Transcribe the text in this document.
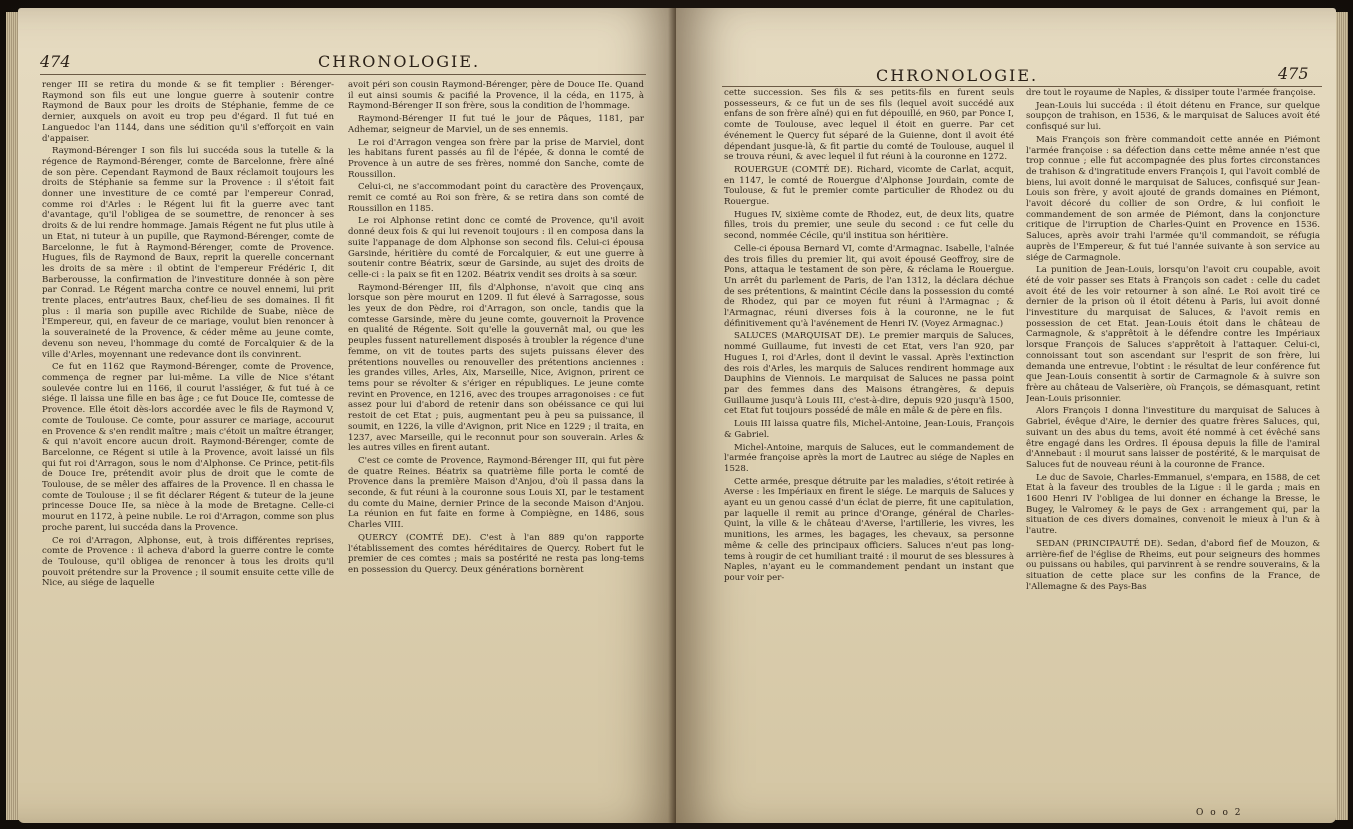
474	CHRONOLOGIE.

renger III se retira du monde & se fit templier : Bérenger-Raymond son fils eut une longue guerre à soutenir contre Raymond de Baux pour les droits de Stéphanie, femme de ce dernier, auxquels on avoit eu trop peu d'égard. Il fut tué en Languedoc l'an 1144, dans une sédition qu'il s'efforçoit en vain d'appaiser.

Raymond-Bérenger I son fils lui succéda sous la tutelle & la régence de Raymond-Bérenger, comte de Barcelonne, frère aîné de son père. Cependant Raymond de Baux réclamoit toujours les droits de Stéphanie sa femme sur la Provence : il s'étoit fait donner une investiture de ce comté par l'empereur Conrad, comme roi d'Arles : le Régent lui fit la guerre avec tant d'avantage, qu'il l'obligea de se soumettre, de renoncer à ses droits & de lui rendre hommage. Jamais Régent ne fut plus utile à un Etat, ni tuteur à un pupille, que Raymond-Bérenger, comte de Barcelonne, le fut à Raymond-Bérenger, comte de Provence. Hugues, fils de Raymond de Baux, reprit la querelle concernant les droits de sa mère : il obtint de l'empereur Frédéric I, dit Barberousse, la confirmation de l'investiture donnée à son père par Conrad. Le Régent marcha contre ce nouvel ennemi, lui prit trente places, entr'autres Baux, chef-lieu de ses domaines. Il fit plus : il maria son pupille avec Richilde de Suabe, nièce de l'Empereur, qui, en faveur de ce mariage, voulut bien renoncer à la souveraineté de la Provence, & céder même au jeune comte, devenu son neveu, l'hommage du comté de Forcalquier & de la ville d'Arles, moyennant une redevance dont ils convinrent.

Ce fut en 1162 que Raymond-Bérenger, comte de Provence, commença de regner par lui-même. La ville de Nice s'étant soulevée contre lui en 1166, il courut l'assiéger, & fut tué à ce siége. Il laissa une fille en bas âge ; ce fut Douce IIe, comtesse de Provence. Elle étoit dès-lors accordée avec le fils de Raymond V, comte de Toulouse. Ce comte, pour assurer ce mariage, accourut en Provence & s'en rendit maître ; mais c'étoit un maître étranger, & qui n'avoit encore aucun droit. Raymond-Bérenger, comte de Barcelonne, ce Régent si utile à la Provence, avoit laissé un fils qui fut roi d'Arragon, sous le nom d'Alphonse. Ce Prince, petit-fils de Douce Ire, prétendit avoir plus de droit que le comte de Toulouse, de se mêler des affaires de la Provence. Il en chassa le comte de Toulouse ; il se fit déclarer Régent & tuteur de la jeune princesse Douce IIe, sa nièce à la mode de Bretagne. Celle-ci mourut en 1172, à peine nubile. Le roi d'Arragon, comme son plus proche parent, lui succéda dans la Provence.

Ce roi d'Arragon, Alphonse, eut, à trois différentes reprises, comte de Provence : il acheva d'abord la guerre contre le comte de Toulouse, qu'il obligea de renoncer à tous les droits qu'il pouvoit prétendre sur la Provence ; il soumit ensuite cette ville de Nice, au siége de laquelle

avoit péri son cousin Raymond-Bérenger, père de Douce IIe. Quand il eut ainsi soumis & pacifié la Provence, il la céda, en 1175, à Raymond-Bérenger II son frère, sous la condition de l'hommage.

Raymond-Bérenger II fut tué le jour de Pâques, 1181, par Adhemar, seigneur de Marviel, un de ses ennemis.

Le roi d'Arragon vengea son frère par la prise de Marviel, dont les habitans furent passés au fil de l'épée, & donna le comté de Provence à un autre de ses frères, nommé don Sanche, comte de Roussillon.

Celui-ci, ne s'accommodant point du caractère des Provençaux, remit ce comté au Roi son frère, & se retira dans son comté de Roussillon en 1185.

Le roi Alphonse retint donc ce comté de Provence, qu'il avoit donné deux fois & qui lui revenoit toujours : il en composa dans la suite l'appanage de dom Alphonse son second fils. Celui-ci épousa Garsinde, héritière du comté de Forcalquier, & eut une guerre à soutenir contre Béatrix, sœur de Garsinde, au sujet des droits de celle-ci : la paix se fit en 1202. Béatrix vendit ses droits à sa sœur.

Raymond-Bérenger III, fils d'Alphonse, n'avoit que cinq ans lorsque son père mourut en 1209. Il fut élevé à Sarragosse, sous les yeux de don Pèdre, roi d'Arragon, son oncle, tandis que la comtesse Garsinde, mère du jeune comte, gouvernoit la Provence en qualité de Régente. Soit qu'elle la gouvernât mal, ou que les peuples fussent naturellement disposés à troubler la régence d'une femme, on vit de toutes parts des sujets puissans élever des prétentions nouvelles ou renouveller des prétentions anciennes : les grandes villes, Arles, Aix, Marseille, Nice, Avignon, prirent ce tems pour se révolter & s'ériger en républiques. Le jeune comte revint en Provence, en 1216, avec des troupes arragonoises : ce fut assez pour lui d'abord de retenir dans son obéissance ce qui lui restoit de cet Etat ; puis, augmentant peu à peu sa puissance, il soumit, en 1226, la ville d'Avignon, prit Nice en 1229 ; il traita, en 1237, avec Marseille, qui le reconnut pour son souverain. Arles & les autres villes en firent autant.

C'est ce comte de Provence, Raymond-Bérenger III, qui fut père de quatre Reines. Béatrix sa quatrième fille porta le comté de Provence dans la première Maison d'Anjou, d'où il passa dans la seconde, & fut réuni à la couronne sous Louis XI, par le testament du comte du Maine, dernier Prince de la seconde Maison d'Anjou. La réunion en fut faite en forme à Compiègne, en 1486, sous Charles VIII.

QUERCY (COMTÉ DE). C'est à l'an 889 qu'on rapporte l'établissement des comtes héréditaires de Quercy. Robert fut le premier de ces comtes ; mais sa postérité ne resta pas long-tems en possession du Quercy. Deux générations bornèrent

CHRONOLOGIE.	475

cette succession. Ses fils & ses petits-fils en furent seuls possesseurs, & ce fut un de ses fils (lequel avoit succédé aux enfans de son frère aîné) qui en fut dépouillé, en 960, par Ponce I, comte de Toulouse, avec lequel il étoit en guerre. Par cet événement le Quercy fut séparé de la Guienne, dont il avoit été dépendant jusque-là, & fit partie du comté de Toulouse, auquel il se trouva réuni, & avec lequel il fut réuni à la couronne en 1272.

ROUERGUE (COMTÉ DE). Richard, vicomte de Carlat, acquit, en 1147, le comté de Rouergue d'Alphonse Jourdain, comte de Toulouse, & fut le premier comte particulier de Rhodez ou du Rouergue.

Hugues IV, sixième comte de Rhodez, eut, de deux lits, quatre filles, trois du premier, une seule du second : ce fut celle du second, nommée Cécile, qu'il institua son héritière.

Celle-ci épousa Bernard VI, comte d'Armagnac. Isabelle, l'aînée des trois filles du premier lit, qui avoit épousé Geoffroy, sire de Pons, attaqua le testament de son père, & réclama le Rouergue. Un arrêt du parlement de Paris, de l'an 1312, la déclara déchue de ses prétentions, & maintint Cécile dans la possession du comté de Rhodez, qui par ce moyen fut réuni à l'Armagnac ; & l'Armagnac, réuni diverses fois à la couronne, ne le fut définitivement qu'à l'avénement de Henri IV. (Voyez Armagnac.)

SALUCES (MARQUISAT DE). Le premier marquis de Saluces, nommé Guillaume, fut investi de cet Etat, vers l'an 920, par Hugues I, roi d'Arles, dont il devint le vassal. Après l'extinction des rois d'Arles, les marquis de Saluces rendirent hommage aux Dauphins de Viennois. Le marquisat de Saluces ne passa point par des femmes dans des Maisons étrangères, & depuis Guillaume jusqu'à Louis III, c'est-à-dire, depuis 920 jusqu'à 1500, cet Etat fut toujours possédé de mâle en mâle & de père en fils.

Louis III laissa quatre fils, Michel-Antoine, Jean-Louis, François & Gabriel.

Michel-Antoine, marquis de Saluces, eut le commandement de l'armée françoise après la mort de Lautrec au siége de Naples en 1528.

Cette armée, presque détruite par les maladies, s'étoit retirée à Averse : les Impériaux en firent le siége. Le marquis de Saluces y ayant eu un genou cassé d'un éclat de pierre, fit une capitulation, par laquelle il remit au prince d'Orange, général de Charles-Quint, la ville & le château d'Averse, l'artillerie, les vivres, les munitions, les armes, les bagages, les chevaux, sa personne même & celle des principaux officiers. Saluces n'eut pas long-tems à rougir de cet humiliant traité : il mourut de ses blessures à Naples, n'ayant eu le commandement pendant un instant que pour voir per-

dre tout le royaume de Naples, & dissiper toute l'armée françoise.

Jean-Louis lui succéda : il étoit détenu en France, sur quelque soupçon de trahison, en 1536, & le marquisat de Saluces avoit été confisqué sur lui.

Mais François son frère commandoit cette année en Piémont l'armée françoise : sa défection dans cette même année n'est que trop connue ; elle fut accompagnée des plus fortes circonstances de trahison & d'ingratitude envers François I, qui l'avoit comblé de biens, lui avoit donné le marquisat de Saluces, confisqué sur Jean-Louis son frère, y avoit ajouté de grands domaines en Piémont, l'avoit décoré du collier de son Ordre, & lui confioit le commandement de son armée de Piémont, dans la conjoncture critique de l'irruption de Charles-Quint en Provence en 1536. Saluces, après avoir trahi l'armée qu'il commandoit, se réfugia auprès de l'Empereur, & fut tué l'année suivante à son service au siége de Carmagnole.

La punition de Jean-Louis, lorsqu'on l'avoit cru coupable, avoit été de voir passer ses Etats à François son cadet : celle du cadet avoit été de les voir retourner à son aîné. Le Roi avoit tiré ce dernier de la prison où il étoit détenu à Paris, lui avoit donné l'investiture du marquisat de Saluces, & l'avoit remis en possession de cet Etat. Jean-Louis étoit dans le château de Carmagnole, & s'apprêtoit à le défendre contre les Impériaux lorsque François de Saluces s'apprêtoit à l'attaquer. Celui-ci, connoissant tout son ascendant sur l'esprit de son frère, lui demanda une entrevue, l'obtint : le résultat de leur conférence fut que Jean-Louis consentit à sortir de Carmagnole & à suivre son frère au château de Valserière, où François, se démasquant, retint Jean-Louis prisonnier.

Alors François I donna l'investiture du marquisat de Saluces à Gabriel, évêque d'Aire, le dernier des quatre frères Saluces, qui, suivant un des abus du tems, avoit été nommé à cet évêché sans être engagé dans les Ordres. Il épousa depuis la fille de l'amiral d'Annebaut : il mourut sans laisser de postérité, & le marquisat de Saluces fut de nouveau réuni à la couronne de France.

Le duc de Savoie, Charles-Emmanuel, s'empara, en 1588, de cet Etat à la faveur des troubles de la Ligue : il le garda ; mais en 1600 Henri IV l'obligea de lui donner en échange la Bresse, le Bugey, le Valromey & le pays de Gex : arrangement qui, par la situation de ces divers domaines, convenoit le mieux à l'un & à l'autre.

SEDAN (PRINCIPAUTÉ DE). Sedan, d'abord fief de Mouzon, & arrière-fief de l'église de Rheims, eut pour seigneurs des hommes ou puissans ou habiles, qui parvinrent à se rendre souverains, & la situation de cette place sur les confins de la France, de l'Allemagne & des Pays-Bas

O o o 2
